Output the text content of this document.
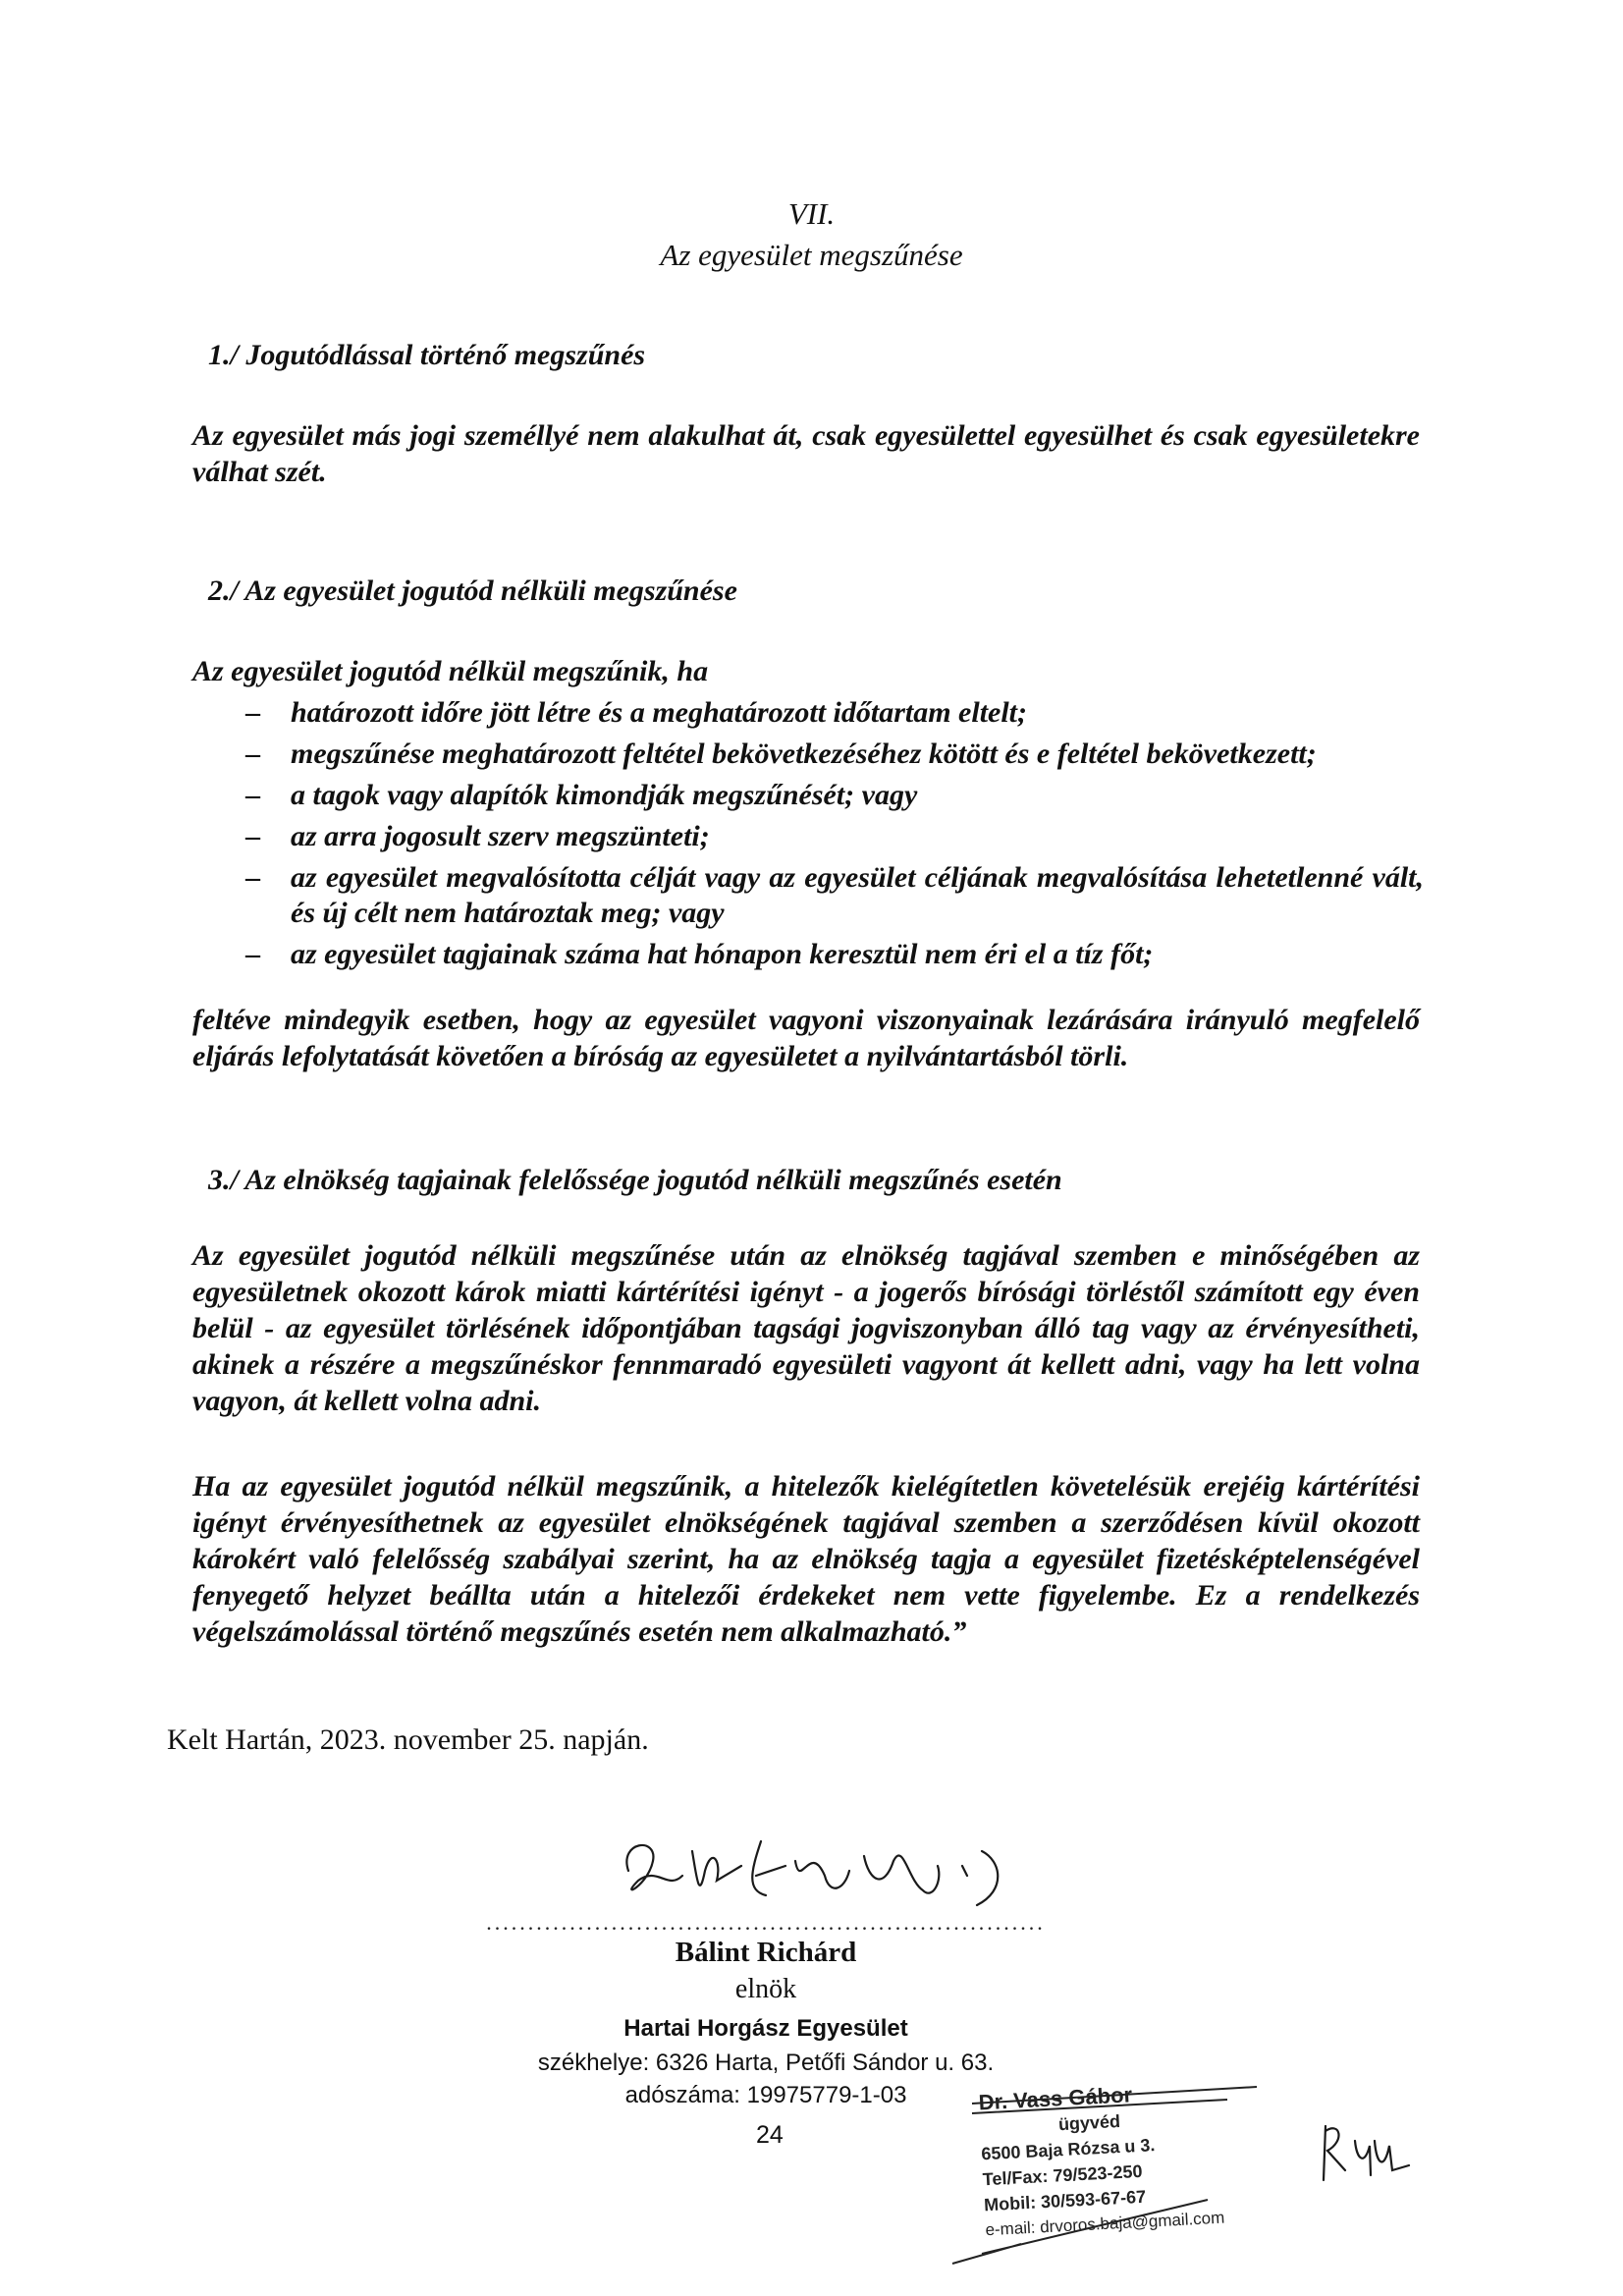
VII.
Az egyesület megszűnése
1./ Jogutódlással történő megszűnés
Az egyesület más jogi személlyé nem alakulhat át, csak egyesülettel egyesülhet és csak egyesületekre válhat szét.
2./ Az egyesület jogutód nélküli megszűnése
Az egyesület jogutód nélkül megszűnik, ha
– határozott időre jött létre és a meghatározott időtartam eltelt;
– megszűnése meghatározott feltétel bekövetkezéséhez kötött és e feltétel bekövetkezett;
– a tagok vagy alapítók kimondják megszűnését; vagy
– az arra jogosult szerv megszünteti;
– az egyesület megvalósította célját vagy az egyesület céljának megvalósítása lehetetlenné vált, és új célt nem határoztak meg; vagy
– az egyesület tagjainak száma hat hónapon keresztül nem éri el a tíz főt;
feltéve mindegyik esetben, hogy az egyesület vagyoni viszonyainak lezárására irányuló megfelelő eljárás lefolytatását követően a bíróság az egyesületet a nyilvántartásból törli.
3./ Az elnökség tagjainak felelőssége jogutód nélküli megszűnés esetén
Az egyesület jogutód nélküli megszűnése után az elnökség tagjával szemben e minőségében az egyesületnek okozott károk miatti kártérítési igényt - a jogerős bírósági törléstől számított egy éven belül - az egyesület törlésének időpontjában tagsági jogviszonyban álló tag vagy az érvényesítheti, akinek a részére a megszűnéskor fennmaradó egyesületi vagyont át kellett adni, vagy ha lett volna vagyon, át kellett volna adni.
Ha az egyesület jogutód nélkül megszűnik, a hitelezők kielégítetlen követelésük erejéig kártérítési igényt érvényesíthetnek az egyesület elnökségének tagjával szemben a szerződésen kívül okozott károkért való felelősség szabályai szerint, ha az elnökség tagja a egyesület fizetésképtelenségével fenyegető helyzet beállta után a hitelezői érdekeket nem vette figyelembe. Ez a rendelkezés végelszámolással történő megszűnés esetén nem alkalmazható.”
Kelt Hartán, 2023. november 25. napján.
...................................................................
Bálint Richárd
elnök
Hartai Horgász Egyesület
székhelye: 6326 Harta, Petőfi Sándor u. 63.
adószáma: 19975779-1-03
24
Dr. Vass Gábor
ügyvéd
6500 Baja Rózsa u 3.
Tel/Fax: 79/523-250
Mobil: 30/593-67-67
e-mail: drvoros.baja@gmail.com
